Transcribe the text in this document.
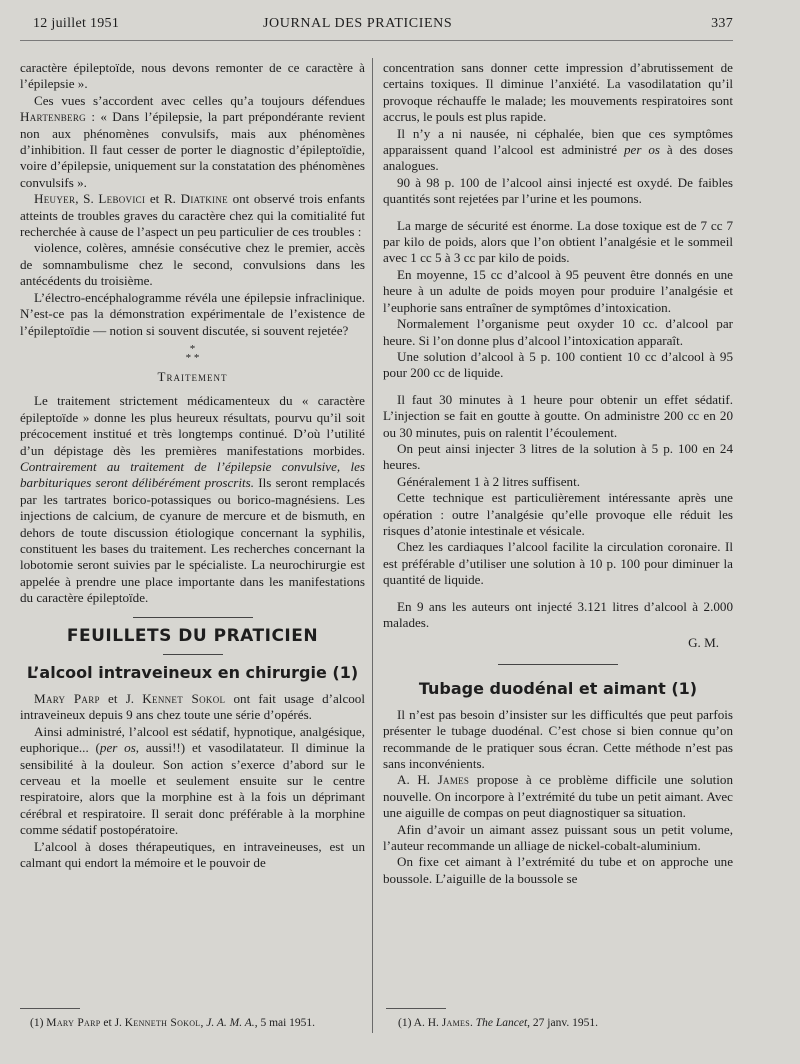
12 juillet 1951	JOURNAL DES PRATICIENS	337

caractère épileptoïde, nous devons remonter de ce caractère à l’épilepsie ».

Ces vues s’accordent avec celles qu’a toujours défendues Hartenberg : « Dans l’épilepsie, la part prépondérante revient non aux phénomènes convulsifs, mais aux phénomènes d’inhibition. Il faut cesser de porter le diagnostic d’épileptoïdie, voire d’épilepsie, uniquement sur la constatation des phénomènes convulsifs ».

Heuyer, S. Lebovici et R. Diatkine ont observé trois enfants atteints de troubles graves du caractère chez qui la comitialité fut recherchée à cause de l’aspect un peu particulier de ces troubles :

violence, colères, amnésie consécutive chez le premier, accès de somnambulisme chez le second, convulsions dans les antécédents du troisième.

L’électro-encéphalogramme révéla une épilepsie infraclinique. N’est-ce pas la démonstration expérimentale de l’existence de l’épileptoïdie — notion si souvent discutée, si souvent rejetée?

*
* *
Traitement

Le traitement strictement médicamenteux du « caractère épileptoïde » donne les plus heureux résultats, pourvu qu’il soit précocement institué et très longtemps continué. D’où l’utilité d’un dépistage dès les premières manifestations morbides. Contrairement au traitement de l’épilepsie convulsive, les barbituriques seront délibérément proscrits. Ils seront remplacés par les tartrates borico-potassiques ou borico-magnésiens. Les injections de calcium, de cyanure de mercure et de bismuth, en dehors de toute discussion étiologique concernant la syphilis, constituent les bases du traitement. Les recherches concernant la lobotomie seront suivies par le spécialiste. La neurochirurgie est appelée à prendre une place importante dans les manifestations du caractère épileptoïde.

FEUILLETS DU PRATICIEN
L’alcool intraveineux en chirurgie (1)

Mary Parp et J. Kennet Sokol ont fait usage d’alcool intraveineux depuis 9 ans chez toute une série d’opérés.

Ainsi administré, l’alcool est sédatif, hypnotique, analgésique, euphorique... (per os, aussi!!) et vasodilatateur. Il diminue la sensibilité à la douleur. Son action s’exerce d’abord sur le cerveau et la moelle et seulement ensuite sur le centre respiratoire, alors que la morphine est à la fois un déprimant cérébral et respiratoire. Il serait donc préférable à la morphine comme sédatif postopératoire.

L’alcool à doses thérapeutiques, en intraveineuses, est un calmant qui endort la mémoire et le pouvoir de

concentration sans donner cette impression d’abrutissement de certains toxiques. Il diminue l’anxiété. La vasodilatation qu’il provoque réchauffe le malade; les mouvements respiratoires sont accrus, le pouls est plus rapide.

Il n’y a ni nausée, ni céphalée, bien que ces symptômes apparaissent quand l’alcool est administré per os à des doses analogues.

90 à 98 p. 100 de l’alcool ainsi injecté est oxydé. De faibles quantités sont rejetées par l’urine et les poumons.

La marge de sécurité est énorme. La dose toxique est de 7 cc 7 par kilo de poids, alors que l’on obtient l’analgésie et le sommeil avec 1 cc 5 à 3 cc par kilo de poids.

En moyenne, 15 cc d’alcool à 95 peuvent être donnés en une heure à un adulte de poids moyen pour produire l’analgésie et l’euphorie sans entraîner de symptômes d’intoxication.

Normalement l’organisme peut oxyder 10 cc. d’alcool par heure. Si l’on donne plus d’alcool l’intoxication apparaît.

Une solution d’alcool à 5 p. 100 contient 10 cc d’alcool à 95 pour 200 cc de liquide.

Il faut 30 minutes à 1 heure pour obtenir un effet sédatif. L’injection se fait en goutte à goutte. On administre 200 cc en 20 ou 30 minutes, puis on ralentit l’écoulement.

On peut ainsi injecter 3 litres de la solution à 5 p. 100 en 24 heures.

Généralement 1 à 2 litres suffisent.

Cette technique est particulièrement intéressante après une opération : outre l’analgésie qu’elle provoque elle réduit les risques d’atonie intestinale et vésicale.

Chez les cardiaques l’alcool facilite la circulation coronaire. Il est préférable d’utiliser une solution à 10 p. 100 pour diminuer la quantité de liquide.

En 9 ans les auteurs ont injecté 3.121 litres d’alcool à 2.000 malades.

G. M.
Tubage duodénal et aimant (1)

Il n’est pas besoin d’insister sur les difficultés que peut parfois présenter le tubage duodénal. C’est chose si bien connue qu’on recommande de le pratiquer sous écran. Cette méthode n’est pas sans inconvénients.

A. H. James propose à ce problème difficile une solution nouvelle. On incorpore à l’extrémité du tube un petit aimant. Avec une aiguille de compas on peut diagnostiquer sa situation.

Afin d’avoir un aimant assez puissant sous un petit volume, l’auteur recommande un alliage de nickel-cobalt-aluminium.

On fixe cet aimant à l’extrémité du tube et on approche une boussole. L’aiguille de la boussole se

(1) Mary Parp et J. Kenneth Sokol, J. A. M. A., 5 mai 1951.	(1) A. H. James. The Lancet, 27 janv. 1951.
